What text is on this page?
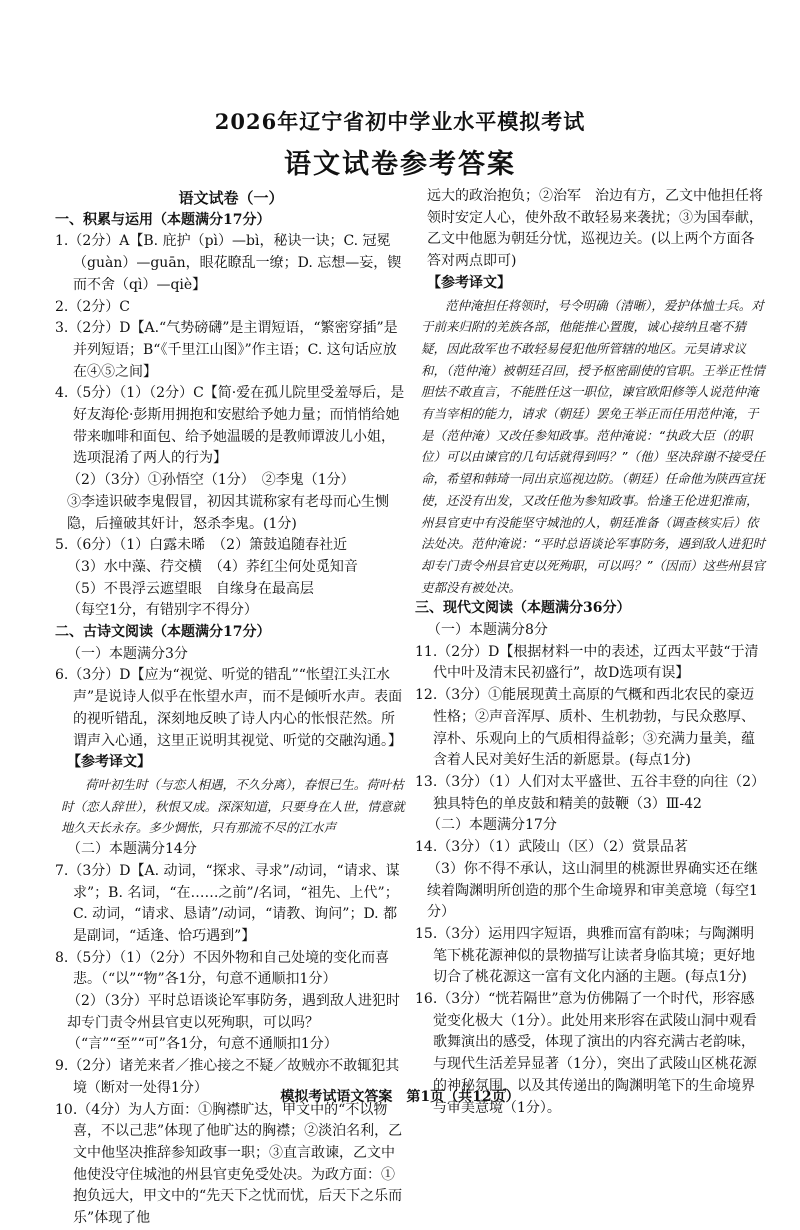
2026年辽宁省初中学业水平模拟考试
语文试卷参考答案

语文试卷（一）

一、积累与运用（本题满分17分）

1.（2分）A【B. 庇护（pì）—bì，秘诀一诀；C. 冠冕（guàn）—guān，眼花瞭乱一缭；D. 忘想—妄，锲而不舍（qì）—qiè】

2.（2分）C

3.（2分）D【A.“气势磅礴”是主谓短语，“繁密穿插”是并列短语；B“《千里江山图》”作主语；C. 这句话应放在④⑤之间】

4.（5分）（1）（2分）C【简·爱在孤儿院里受羞辱后，是好友海伦·彭斯用拥抱和安慰给予她力量；而悄悄给她带来咖啡和面包、给予她温暖的是教师谭波儿小姐，选项混淆了两人的行为】

（2）（3分）①孙悟空（1分）　②李鬼（1分）

③李逵识破李鬼假冒，初因其谎称家有老母而心生恻隐，后撞破其奸计，怒杀李鬼。(1分)

5.（6分）（1）白露未晞　（2）箫鼓追随春社近

（3）水中藻、荇交横　（4）荞红尘何处觅知音

（5）不畏浮云遮望眼　自缘身在最高层

（每空1分，有错别字不得分）

二、古诗文阅读（本题满分17分）

（一）本题满分3分

6.（3分）D【应为“视觉、听觉的错乱”“怅望江头江水声”是说诗人似乎在怅望水声，而不是倾听水声。表面的视听错乱，深刻地反映了诗人内心的怅恨茫然。所谓声入心通，这里正说明其视觉、听觉的交融沟通。】

【参考译文】

荷叶初生时（与恋人相遇，不久分离），春恨已生。荷叶枯时（恋人辞世），秋恨又成。深深知道，只要身在人世，情意就地久天长永存。多少惆怅，只有那流不尽的江水声

（二）本题满分14分

7.（3分）D【A. 动词，“探求、寻求”/动词，“请求、谋求”；B. 名词，“在……之前”/名词，“祖先、上代”；C. 动词，“请求、恳请”/动词，“请教、询问”；D. 都是副词，“适逢、恰巧遇到”】

8.（5分）（1）（2分）不因外物和自己处境的变化而喜悲。（“以”“物”各1分，句意不通顺扣1分）

（2）（3分）平时总语谈论军事防务，遇到敌人进犯时却专门责令州县官吏以死殉职，可以吗？（“言”“至”“可”各1分，句意不通顺扣1分）

9.（2分）诸羌来者／推心接之不疑／故贼亦不敢辄犯其境（断对一处得1分）

10.（4分）为人方面：①胸襟旷达，甲文中的“不以物喜，不以己悲”体现了他旷达的胸襟；②淡泊名利，乙文中他坚决推辞参知政事一职；③直言敢谏，乙文中他使没守住城池的州县官吏免受处决。为政方面：①抱负远大，甲文中的“先天下之忧而忧，后天下之乐而乐”体现了他

远大的政治抱负；②治军　治边有方，乙文中他担任将领时安定人心，使外敌不敢轻易来袭扰；③为国奉献，乙文中他愿为朝廷分忧，巡视边关。(以上两个方面各答对两点即可)

【参考译文】

范仲淹担任将领时，号令明确（清晰），爱护体恤士兵。对于前来归附的羌族各部，他能推心置腹，诚心接纳且毫不猜疑，因此敌军也不敢轻易侵犯他所管辖的地区。元昊请求议和，（范仲淹）被朝廷召回，授予枢密副使的官职。王举正性情胆怯不敢直言，不能胜任这一职位，谏官欧阳修等人说范仲淹有当宰相的能力，请求（朝廷）罢免王举正而任用范仲淹，于是（范仲淹）又改任参知政事。范仲淹说：“执政大臣（的职位）可以由谏官的几句话就得到吗？”（他）坚决辞谢不接受任命，希望和韩琦一同出京巡视边防。（朝廷）任命他为陕西宣抚使，还没有出发，又改任他为参知政事。恰逢王伦进犯淮南，州县官吏中有没能坚守城池的人，朝廷准备（调查核实后）依法处决。范仲淹说：“平时总语谈论军事防务，遇到敌人进犯时却专门责令州县官吏以死殉职，可以吗？”（因而）这些州县官吏都没有被处决。

三、现代文阅读（本题满分36分）

（一）本题满分8分

11.（2分）D【根据材料一中的表述，辽西太平鼓“于清代中叶及清末民初盛行”，故D选项有误】

12.（3分）①能展现黄土高原的气概和西北农民的豪迈性格；②声音浑厚、质朴、生机勃勃，与民众憨厚、淳朴、乐观向上的气质相得益彰；③充满力量美，蕴含着人民对美好生活的新愿景。(每点1分)

13.（3分）（1）人们对太平盛世、五谷丰登的向往（2）独具特色的单皮鼓和精美的鼓鞭（3）Ⅲ-42

（二）本题满分17分

14.（3分）（1）武陵山（区）（2）赏景品茗

（3）你不得不承认，这山洞里的桃源世界确实还在继续着陶渊明所创造的那个生命境界和审美意境（每空1分）

15.（3分）运用四字短语，典雅而富有韵味；与陶渊明笔下桃花源神似的景物描写让读者身临其境；更好地切合了桃花源这一富有文化内涵的主题。(每点1分)

16.（3分）“恍若隔世”意为仿佛隔了一个时代，形容感觉变化极大（1分）。此处用来形容在武陵山洞中观看歌舞演出的感受，体现了演出的内容充满古老韵味，与现代生活差异显著（1分），突出了武陵山区桃花源的神秘氛围，以及其传递出的陶渊明笔下的生命境界与审美意境（1分）。

模拟考试语文答案　第1页（共12页）
